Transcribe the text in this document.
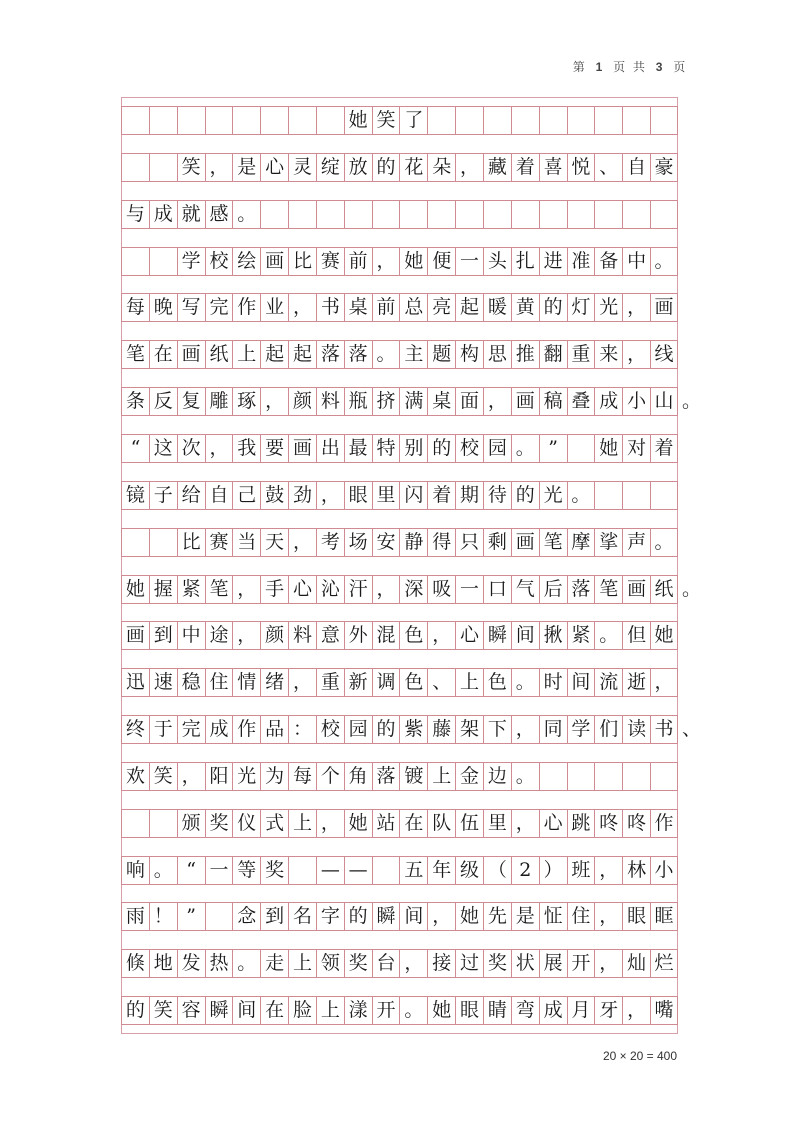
第 1 页 共 3 页
她 笑 了
笑 ， 是 心 灵 绽 放 的 花 朵 ， 藏 着 喜 悦 、 自 豪
与 成 就 感 。
学 校 绘 画 比 赛 前 ， 她 便 一 头 扎 进 准 备 中 。
每 晚 写 完 作 业 ， 书 桌 前 总 亮 起 暖 黄 的 灯 光 ， 画
笔 在 画 纸 上 起 起 落 落 。 主 题 构 思 推 翻 重 来 ， 线
条 反 复 雕 琢 ， 颜 料 瓶 挤 满 桌 面 ， 画 稿 叠 成 小 山 。
“ 这 次 ， 我 要 画 出 最 特 别 的 校 园 。 ”	她 对 着
镜 子 给 自 己 鼓 劲 ， 眼 里 闪 着 期 待 的 光 。
比 赛 当 天 ， 考 场 安 静 得 只 剩 画 笔 摩 挲 声 。
她 握 紧 笔 ， 手 心 沁 汗 ， 深 吸 一 口 气 后 落 笔 画 纸 。
画 到 中 途 ， 颜 料 意 外 混 色 ， 心 瞬 间 揪 紧 。 但 她
迅 速 稳 住 情 绪 ， 重 新 调 色 、 上 色 。 时 间 流 逝 ，
终 于 完 成 作 品 ： 校 园 的 紫 藤 架 下 ， 同 学 们 读 书 、
欢 笑 ， 阳 光 为 每 个 角 落 镀 上 金 边 。
颁 奖 仪 式 上 ， 她 站 在 队 伍 里 ， 心 跳 咚 咚 作
响 。 “ 一 等 奖 — — 五 年 级 （ 2 ） 班 ， 林 小
雨 ！ ”	念 到 名 字 的 瞬 间 ， 她 先 是 怔 住 ， 眼 眶
倏 地 发 热 。 走 上 领 奖 台 ， 接 过 奖 状 展 开 ， 灿 烂
的 笑 容 瞬 间 在 脸 上 漾 开 。 她 眼 睛 弯 成 月 牙 ， 嘴
20 × 20 = 400
